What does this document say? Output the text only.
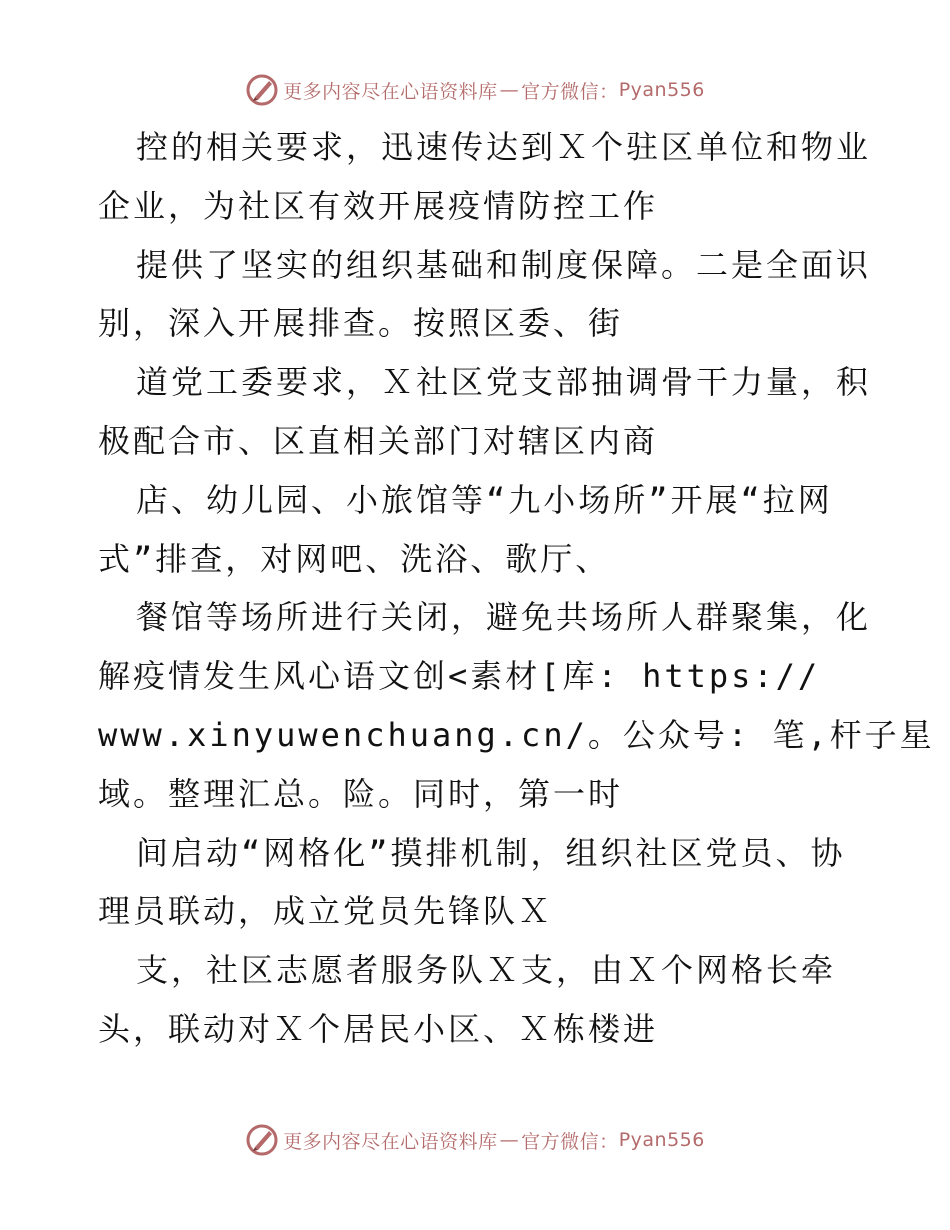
更多内容尽在心语资料库 — 官方微信： Pyan556
控的相关要求，迅速传达到Ｘ个驻区单位和物业
企业，为社区有效开展疫情防控工作
提供了坚实的组织基础和制度保障。二是全面识
别，深入开展排查。按照区委、街
道党工委要求，Ｘ社区党支部抽调骨干力量，积
极配合市、区直相关部门对辖区内商
店、幼儿园、小旅馆等“九小场所”开展“拉网
式”排查，对网吧、洗浴、歌厅、
餐馆等场所进行关闭，避免共场所人群聚集，化
解疫情发生风心语文创<素材[库: https://
www.xinyuwenchuang.cn/。公众号: 笔,杆子星
域。整理汇总。险。同时，第一时
间启动“网格化”摸排机制，组织社区党员、协
理员联动，成立党员先锋队Ｘ
支，社区志愿者服务队Ｘ支，由Ｘ个网格长牵
头，联动对Ｘ个居民小区、Ｘ栋楼进
更多内容尽在心语资料库 — 官方微信： Pyan556
